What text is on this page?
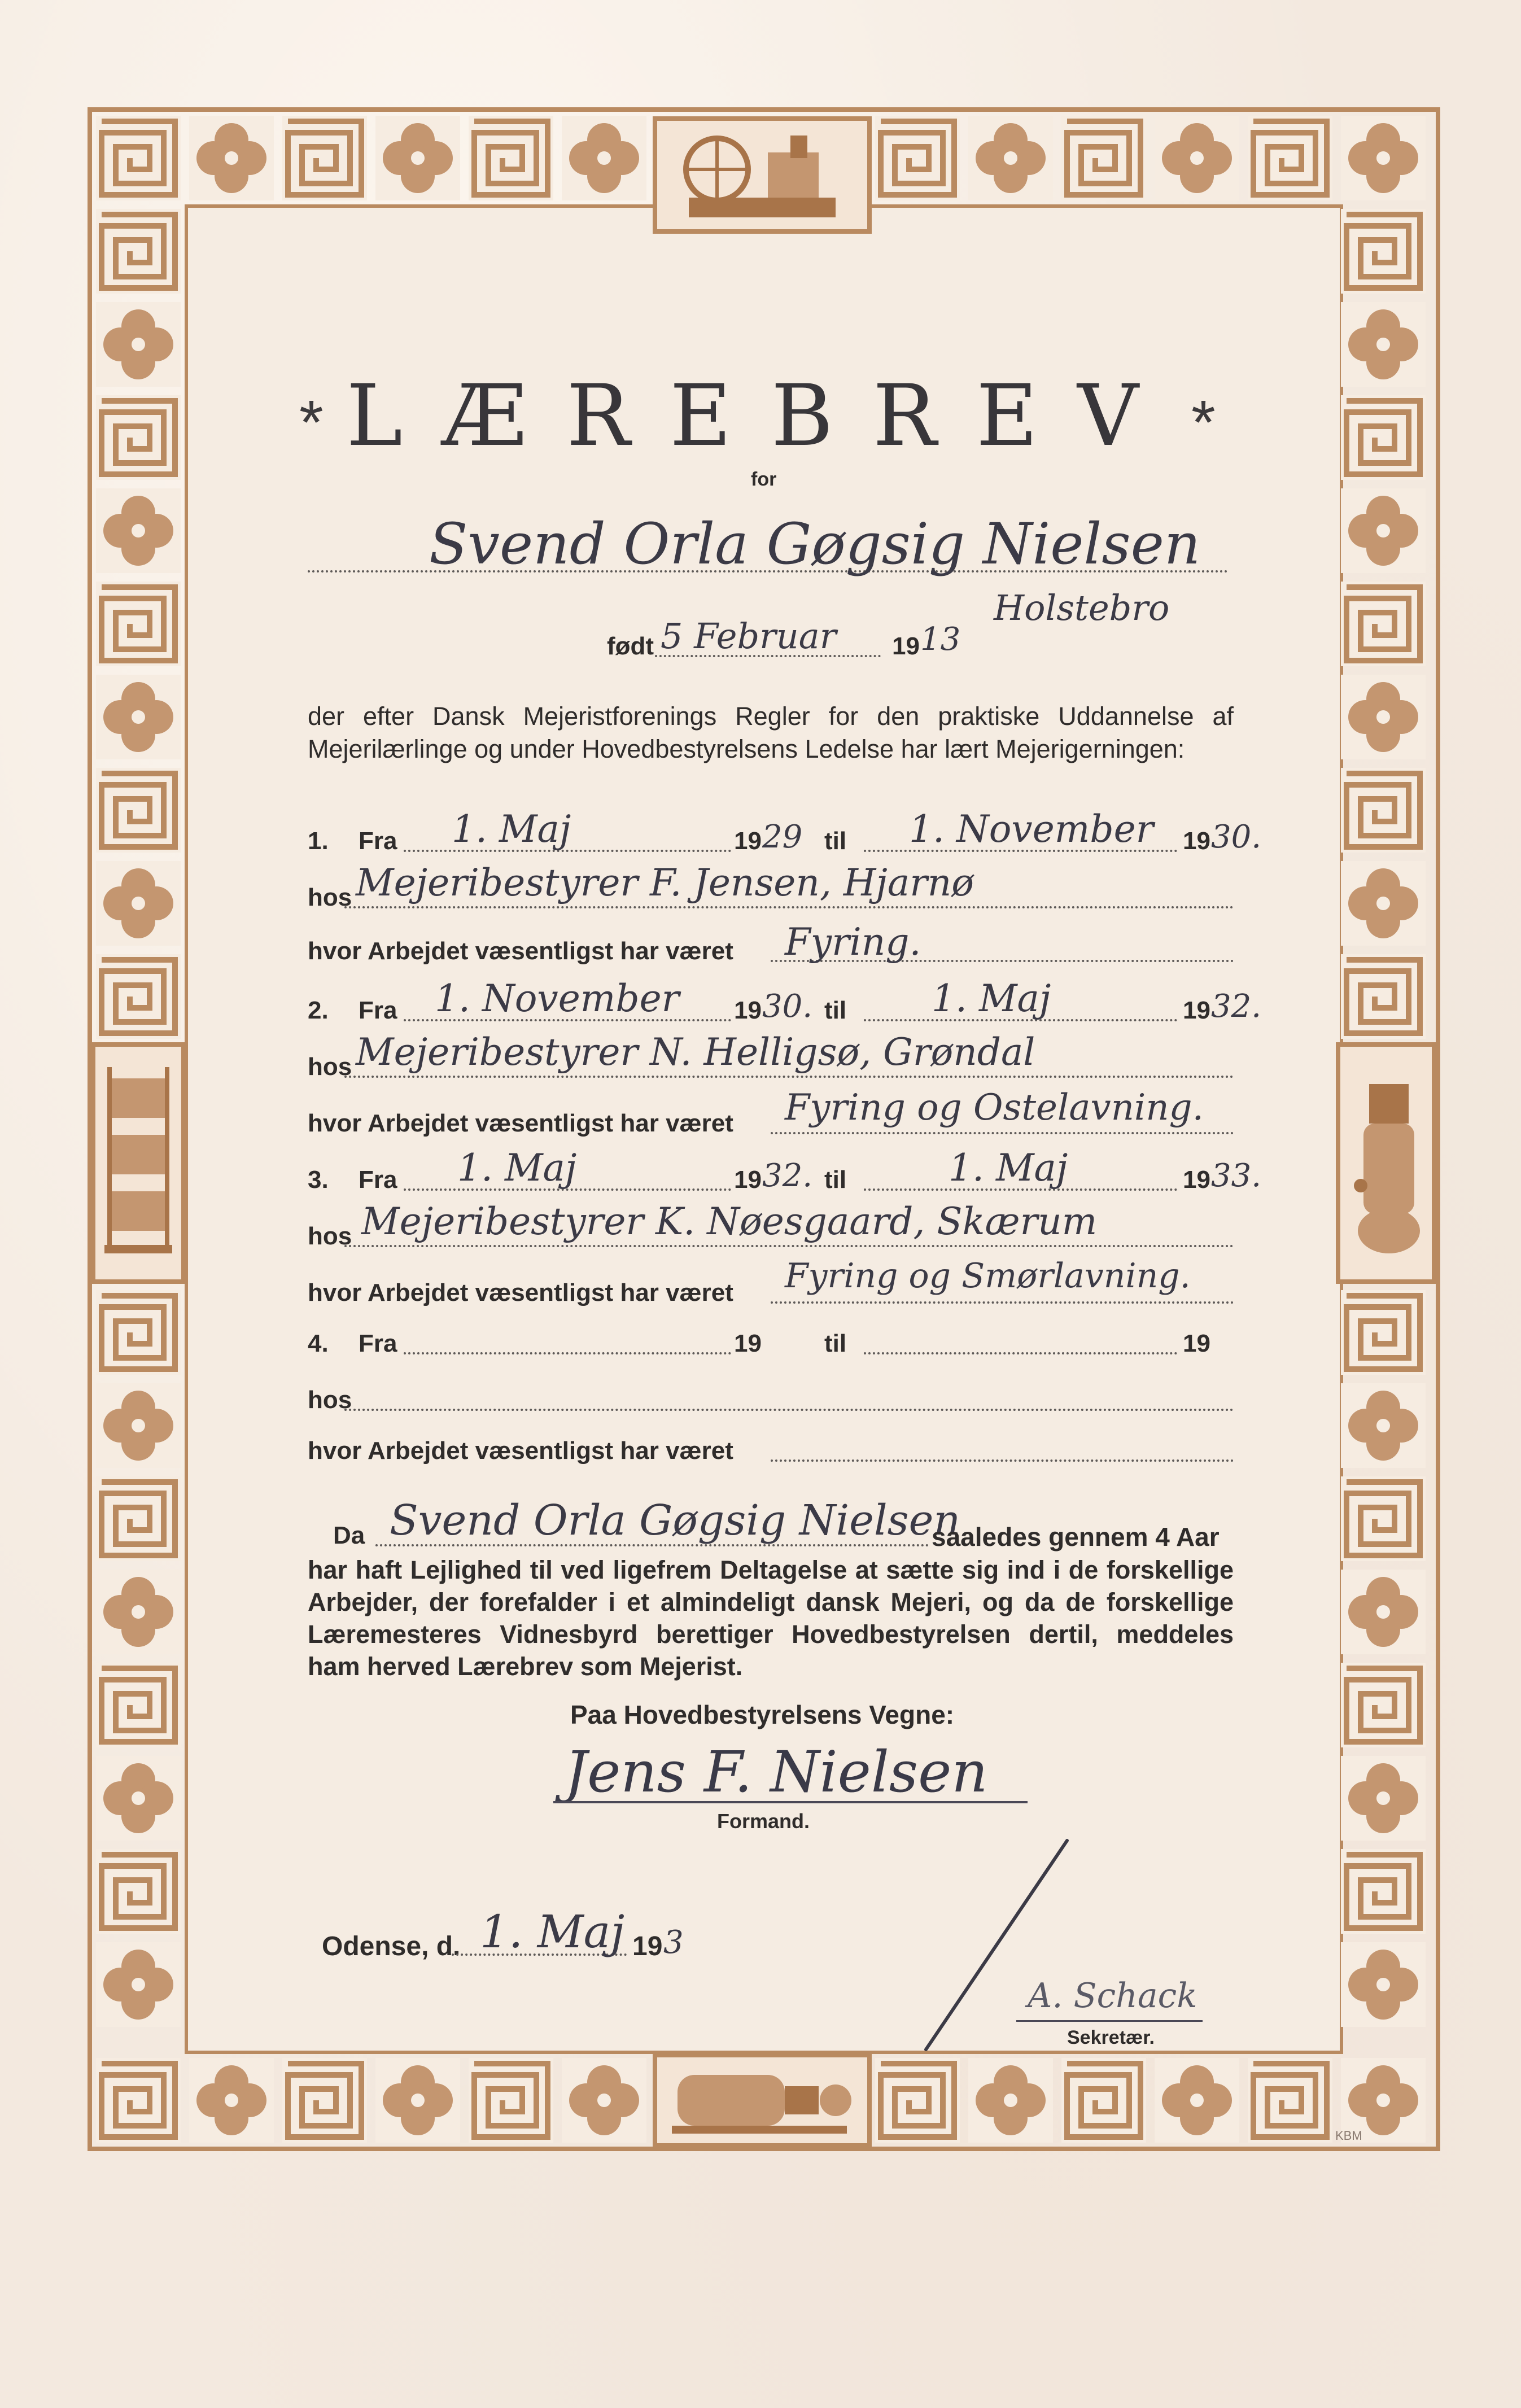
KBM
* LÆREBREV *
for
Svend Orla Gøgsig Nielsen
Holstebro
født 5 Februar 19 13
der efter Dansk Mejeristforenings Regler for den praktiske Uddannelse af Mejerilærlinge og under Hovedbestyrelsens Ledelse har lært Mejerigerningen:
1. Fra 1. Maj	19 29 til 1. November 19 30.
hos Mejeribestyrer F. Jensen, Hjarnø
hvor Arbejdet væsentligst har været Fyring.
2. Fra 1. November 19 30. til 1. Maj	19 32.
hos Mejeribestyrer N. Helligsø, Grøndal
hvor Arbejdet væsentligst har været Fyring og Ostelavning.
3. Fra 1. Maj	19 32. til	1. Maj	19 33.
hos Mejeribestyrer K. Nøesgaard, Skærum
hvor Arbejdet væsentligst har været Fyring og Smørlavning.
4. Fra	19	til	19
hos
hvor Arbejdet væsentligst har været
Da Svend Orla Gøgsig Nielsen
saaledes gennem 4 Aar
har haft Lejlighed til ved ligefrem Deltagelse at sætte sig ind i de forskellige Arbejder, der forefalder i et almindeligt dansk Mejeri, og da de forskellige Læremesteres Vidnesbyrd berettiger Hovedbestyrelsen dertil, meddeles ham herved Lærebrev som Mejerist.
Paa Hovedbestyrelsens Vegne:
Jens F. Nielsen
Formand.
Odense, d. 1. Maj 19 3
A. Schack
Sekretær.
